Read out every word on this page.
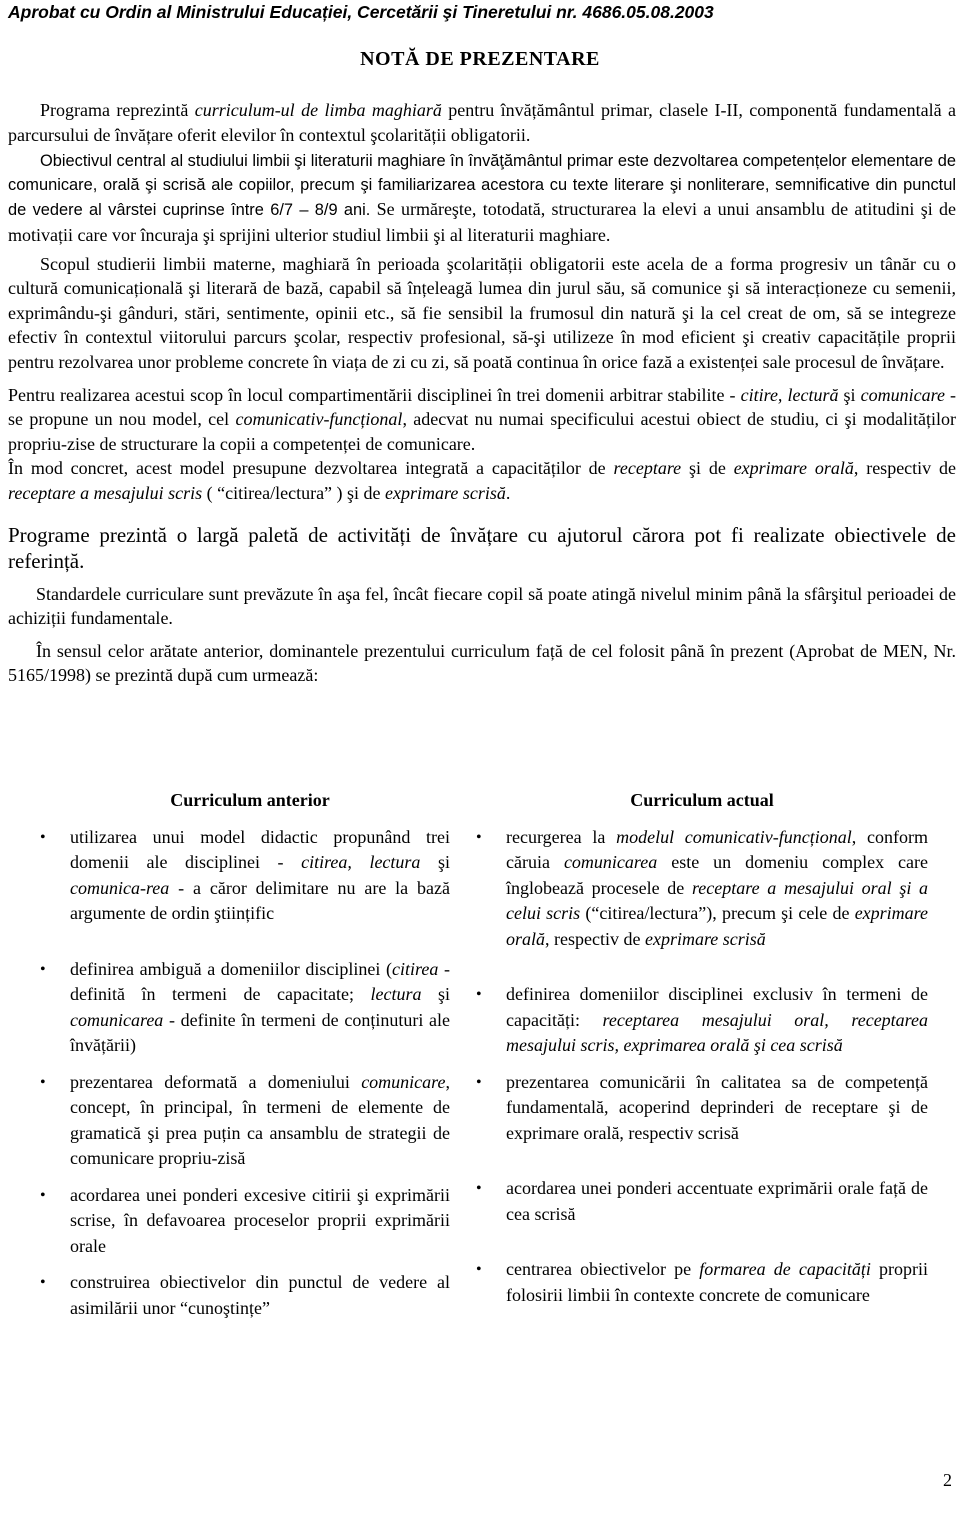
Aprobat cu Ordin al Ministrului Educației, Cercetării şi Tineretului nr. 4686.05.08.2003
NOTĂ DE PREZENTARE

Programa reprezintă curriculum-ul de limba maghiară pentru învățământul primar, clasele I-II, componentă fundamentală a parcursului de învățare oferit elevilor în contextul şcolarității obligatorii.

Obiectivul central al studiului limbii şi literaturii maghiare în învăţământul primar este dezvoltarea competențelor elementare de comunicare, orală şi scrisă ale copiilor, precum şi familiarizarea acestora cu texte literare şi nonliterare, semnificative din punctul de vedere al vârstei cuprinse între 6/7 – 8/9 ani. Se urmăreşte, totodată, structurarea la elevi a unui ansamblu de atitudini şi de motivații care vor încuraja şi sprijini ulterior studiul limbii şi al literaturii maghiare.

Scopul studierii limbii materne, maghiară în perioada şcolarității obligatorii este acela de a forma progresiv un tânăr cu o cultură comunicațională şi literară de bază, capabil să înțeleagă lumea din jurul său, să comunice şi să interacționeze cu semenii, exprimându-şi gânduri, stări, sentimente, opinii etc., să fie sensibil la frumosul din natură şi la cel creat de om, să se integreze efectiv în contextul viitorului parcurs şcolar, respectiv profesional, să-şi utilizeze în mod eficient şi creativ capacitățile proprii pentru rezolvarea unor probleme concrete în viața de zi cu zi, să poată continua în orice fază a existenței sale procesul de învățare.

Pentru realizarea acestui scop în locul compartimentării disciplinei în trei domenii arbitrar stabilite - citire, lectură şi comunicare - se propune un nou model, cel comunicativ-funcțional, adecvat nu numai specificului acestui obiect de studiu, ci şi modalităților propriu-zise de structurare la copii a competenței de comunicare.

În mod concret, acest model presupune dezvoltarea integrată a capacităților de receptare şi de exprimare orală, respectiv de receptare a mesajului scris ( “citirea/lectura” ) şi de exprimare scrisă.

Programe prezintă o largă paletă de activități de învățare cu ajutorul cărora pot fi realizate obiectivele de referință.

Standardele curriculare sunt prevăzute în aşa fel, încât fiecare copil să poate atingă nivelul minim până la sfârşitul perioadei de achiziții fundamentale.

În sensul celor arătate anterior, dominantele prezentului curriculum față de cel folosit până în prezent (Aprobat de MEN, Nr. 5165/1998) se prezintă după cum urmează:

Curriculum anterior
• utilizarea unui model didactic propunând trei domenii ale disciplinei - citirea, lectura şi comunica-rea - a căror delimitare nu are la bază argumente de ordin ştiințific
• definirea ambiguă a domeniilor disciplinei (citirea - definită în termeni de capacitate; lectura şi comunicarea - definite în termeni de conținuturi ale învățării)
• prezentarea deformată a domeniului comunicare, concept, în principal, în termeni de elemente de gramatică şi prea puțin ca ansamblu de strategii de comunicare propriu-zisă
• acordarea unei ponderi excesive citirii şi exprimării scrise, în defavoarea proceselor proprii exprimării orale
• construirea obiectivelor din punctul de vedere al asimilării unor “cunoştințe”
Curriculum actual
• recurgerea la modelul comunicativ-funcțional, conform căruia comunicarea este un domeniu complex care înglobează procesele de receptare a mesajului oral şi a celui scris (“citirea/lectura”), precum şi cele de exprimare orală, respectiv de exprimare scrisă
• definirea domeniilor disciplinei exclusiv în termeni de capacități: receptarea mesajului oral, receptarea mesajului scris, exprimarea orală şi cea scrisă
• prezentarea comunicării în calitatea sa de competență fundamentală, acoperind deprinderi de receptare şi de exprimare orală, respectiv scrisă
• acordarea unei ponderi accentuate exprimării orale față de cea scrisă
• centrarea obiectivelor pe formarea de capacități proprii folosirii limbii în contexte concrete de comunicare
2
